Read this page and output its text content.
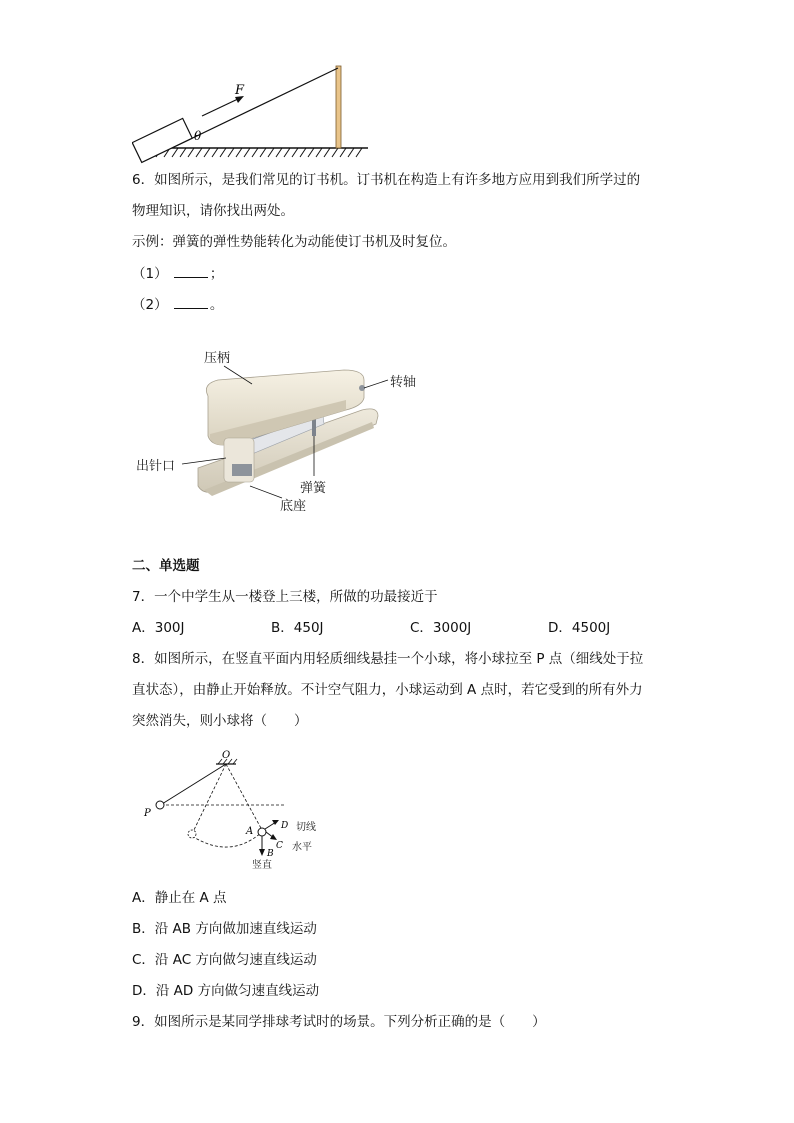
F
θ
6．如图所示，是我们常见的订书机。订书机在构造上有许多地方应用到我们所学过的
物理知识，请你找出两处。
示例：弹簧的弹性势能转化为动能使订书机及时复位。
（1）	；
（2）	。
压柄
转轴
出针口
弹簧
底座
二、单选题
7．一个中学生从一楼登上三楼，所做的功最接近于
A．300J	B．450J	C．3000J	D．4500J
8．如图所示，在竖直平面内用轻质细线悬挂一个小球，将小球拉至 P 点（细线处于拉
直状态），由静止开始释放。不计空气阻力，小球运动到 A 点时，若它受到的所有外力
突然消失，则小球将（　　）
O
P
A
B
C
D 切线
水平
竖直
A．静止在 A 点
B．沿 AB 方向做加速直线运动
C．沿 AC 方向做匀速直线运动
D．沿 AD 方向做匀速直线运动
9．如图所示是某同学排球考试时的场景。下列分析正确的是（　　）
